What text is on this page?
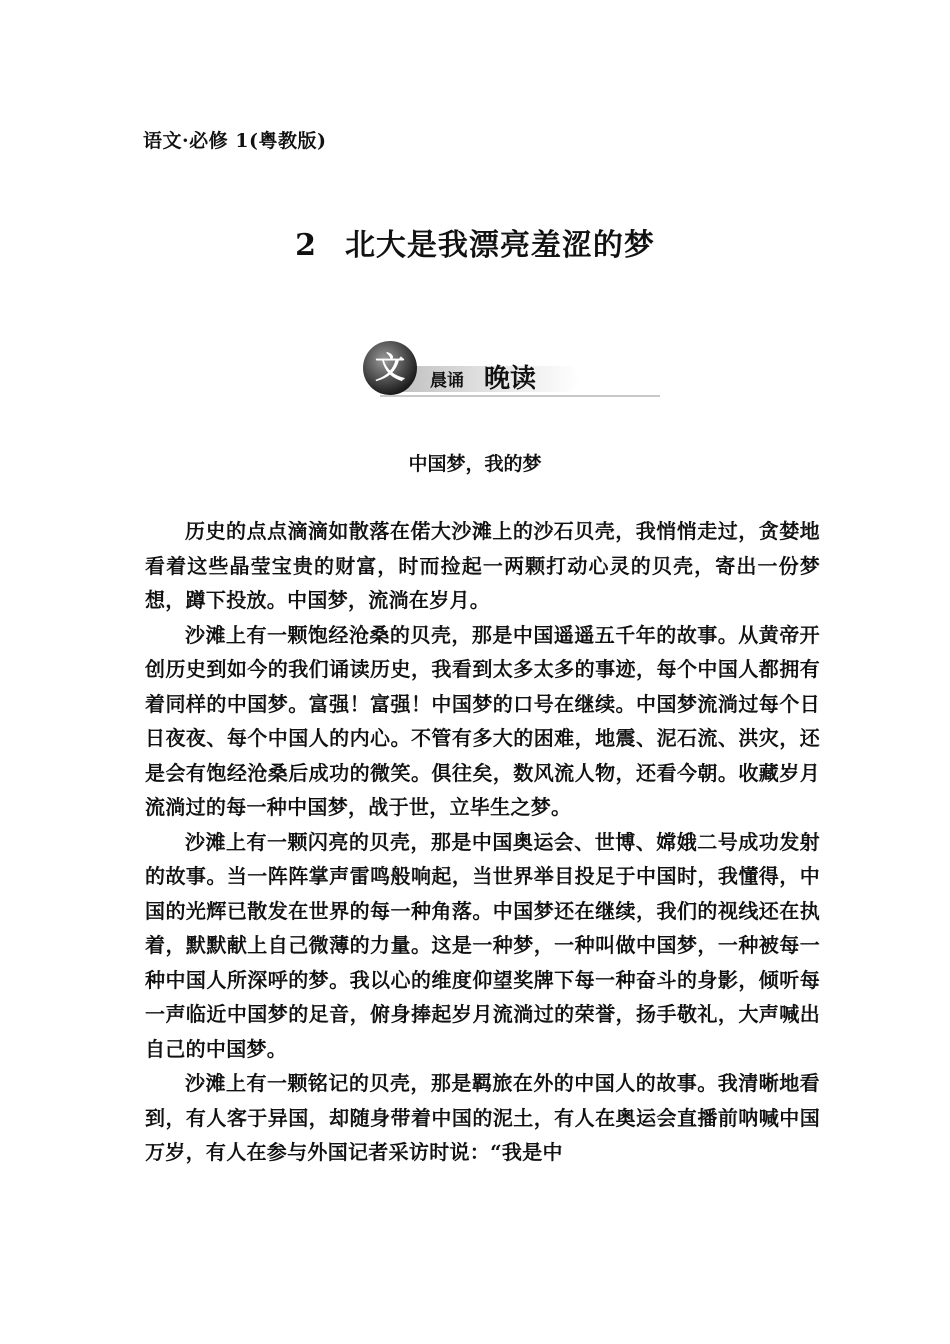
语文·必修 1(粤教版)
2 北大是我漂亮羞涩的梦
文 晨诵 晚读
中国梦，我的梦

历史的点点滴滴如散落在偌大沙滩上的沙石贝壳，我悄悄走过，贪婪地看着这些晶莹宝贵的财富，时而捡起一两颗打动心灵的贝壳，寄出一份梦想，蹲下投放。中国梦，流淌在岁月。

沙滩上有一颗饱经沧桑的贝壳，那是中国遥遥五千年的故事。从黄帝开创历史到如今的我们诵读历史，我看到太多太多的事迹，每个中国人都拥有着同样的中国梦。富强！富强！中国梦的口号在继续。中国梦流淌过每个日日夜夜、每个中国人的内心。不管有多大的困难，地震、泥石流、洪灾，还是会有饱经沧桑后成功的微笑。俱往矣，数风流人物，还看今朝。收藏岁月流淌过的每一种中国梦，战于世，立毕生之梦。

沙滩上有一颗闪亮的贝壳，那是中国奥运会、世博、嫦娥二号成功发射的故事。当一阵阵掌声雷鸣般响起，当世界举目投足于中国时，我懂得，中国的光辉已散发在世界的每一种角落。中国梦还在继续，我们的视线还在执着，默默献上自己微薄的力量。这是一种梦，一种叫做中国梦，一种被每一种中国人所深呼的梦。我以心的维度仰望奖牌下每一种奋斗的身影，倾听每一声临近中国梦的足音，俯身捧起岁月流淌过的荣誉，扬手敬礼，大声喊出自己的中国梦。

沙滩上有一颗铭记的贝壳，那是羁旅在外的中国人的故事。我清晰地看到，有人客于异国，却随身带着中国的泥土，有人在奥运会直播前呐喊中国万岁，有人在参与外国记者采访时说：“我是中
